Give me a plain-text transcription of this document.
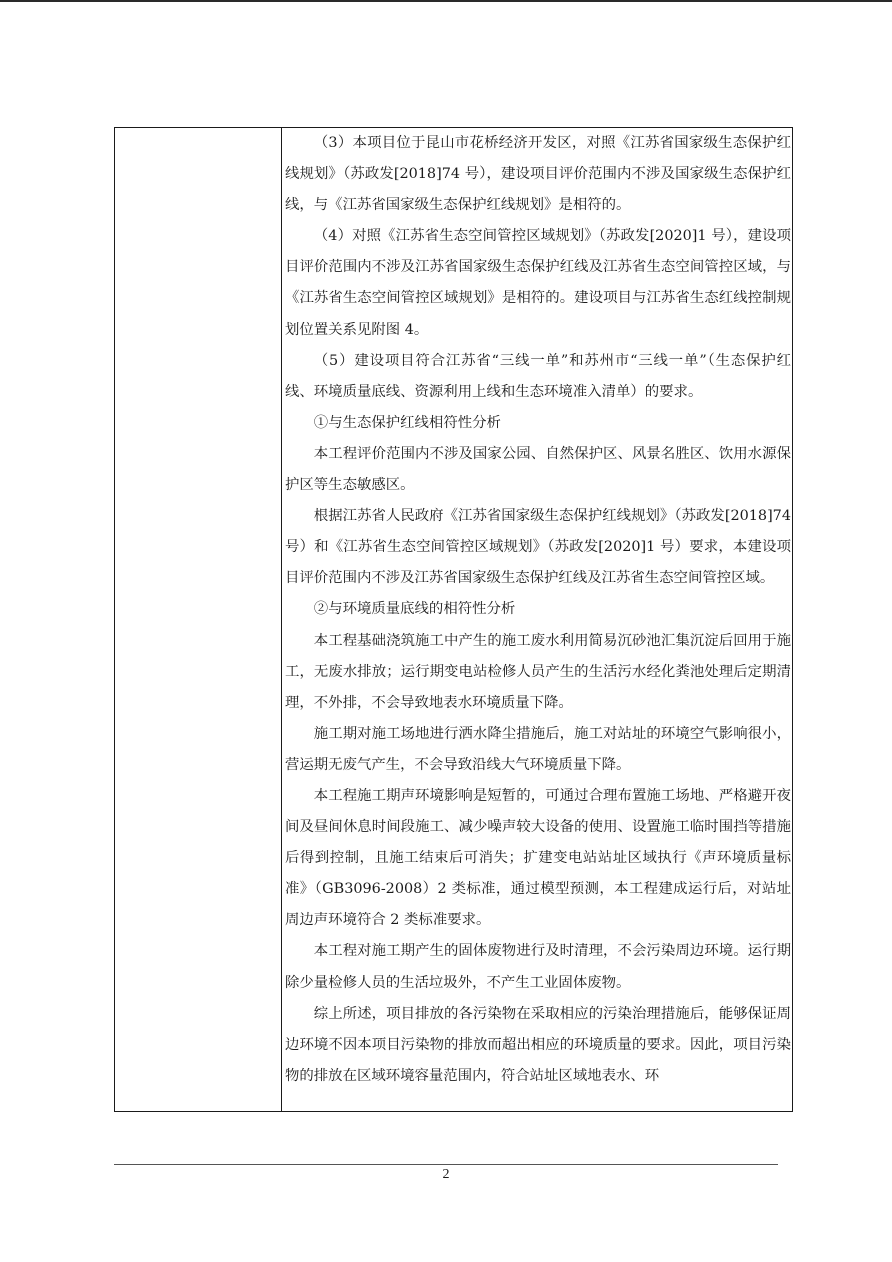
（3）本项目位于昆山市花桥经济开发区，对照《江苏省国家级生态保护红线规划》（苏政发[2018]74 号），建设项目评价范围内不涉及国家级生态保护红线，与《江苏省国家级生态保护红线规划》是相符的。

（4）对照《江苏省生态空间管控区域规划》（苏政发[2020]1 号），建设项目评价范围内不涉及江苏省国家级生态保护红线及江苏省生态空间管控区域，与《江苏省生态空间管控区域规划》是相符的。建设项目与江苏省生态红线控制规划位置关系见附图 4。

（5）建设项目符合江苏省“三线一单”和苏州市“三线一单”（生态保护红线、环境质量底线、资源利用上线和生态环境准入清单）的要求。

①与生态保护红线相符性分析

本工程评价范围内不涉及国家公园、自然保护区、风景名胜区、饮用水源保护区等生态敏感区。

根据江苏省人民政府《江苏省国家级生态保护红线规划》（苏政发[2018]74 号）和《江苏省生态空间管控区域规划》（苏政发[2020]1 号）要求，本建设项目评价范围内不涉及江苏省国家级生态保护红线及江苏省生态空间管控区域。

②与环境质量底线的相符性分析

本工程基础浇筑施工中产生的施工废水利用简易沉砂池汇集沉淀后回用于施工，无废水排放；运行期变电站检修人员产生的生活污水经化粪池处理后定期清理，不外排，不会导致地表水环境质量下降。

施工期对施工场地进行洒水降尘措施后，施工对站址的环境空气影响很小，营运期无废气产生，不会导致沿线大气环境质量下降。

本工程施工期声环境影响是短暂的，可通过合理布置施工场地、严格避开夜间及昼间休息时间段施工、减少噪声较大设备的使用、设置施工临时围挡等措施后得到控制，且施工结束后可消失；扩建变电站站址区域执行《声环境质量标准》（GB3096-2008）2 类标准，通过模型预测，本工程建成运行后，对站址周边声环境符合 2 类标准要求。

本工程对施工期产生的固体废物进行及时清理，不会污染周边环境。运行期除少量检修人员的生活垃圾外，不产生工业固体废物。

综上所述，项目排放的各污染物在采取相应的污染治理措施后，能够保证周边环境不因本项目污染物的排放而超出相应的环境质量的要求。因此，项目污染物的排放在区域环境容量范围内，符合站址区域地表水、环

2
